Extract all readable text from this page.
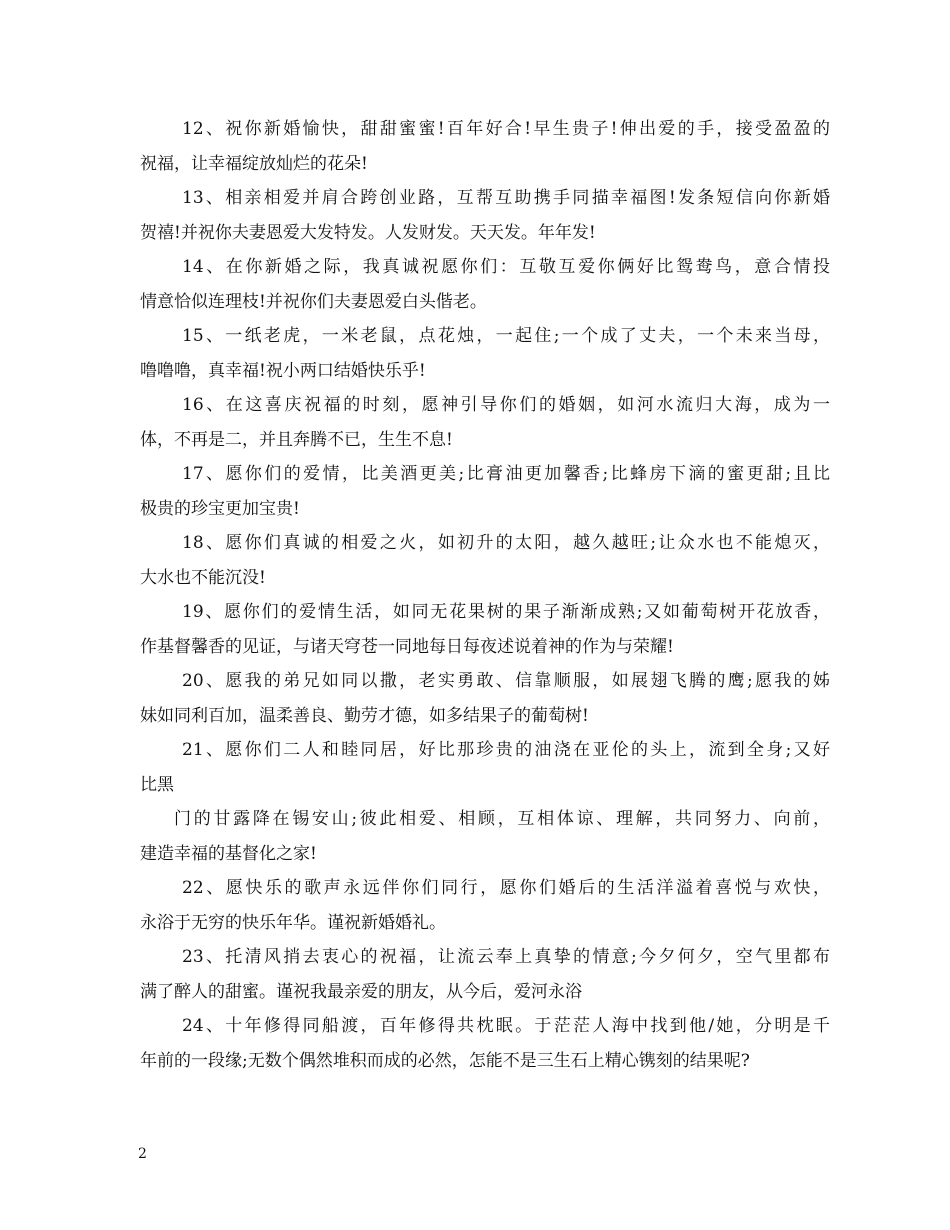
12、祝你新婚愉快，甜甜蜜蜜!百年好合!早生贵子!伸出爱的手，接受盈盈的
祝福，让幸福绽放灿烂的花朵!
13、相亲相爱并肩合跨创业路，互帮互助携手同描幸福图!发条短信向你新婚
贺禧!并祝你夫妻恩爱大发特发。人发财发。天天发。年年发!
14、在你新婚之际，我真诚祝愿你们：互敬互爱你俩好比鸳鸯鸟，意合情投
情意恰似连理枝!并祝你们夫妻恩爱白头偕老。
15、一纸老虎，一米老鼠，点花烛，一起住;一个成了丈夫，一个未来当母，
噜噜噜，真幸福!祝小两口结婚快乐乎!
16、在这喜庆祝福的时刻，愿神引导你们的婚姻，如河水流归大海，成为一
体，不再是二，并且奔腾不已，生生不息!
17、愿你们的爱情，比美酒更美;比膏油更加馨香;比蜂房下滴的蜜更甜;且比
极贵的珍宝更加宝贵!
18、愿你们真诚的相爱之火，如初升的太阳，越久越旺;让众水也不能熄灭，
大水也不能沉没!
19、愿你们的爱情生活，如同无花果树的果子渐渐成熟;又如葡萄树开花放香，
作基督馨香的见证，与诸天穹苍一同地每日每夜述说着神的作为与荣耀!
20、愿我的弟兄如同以撒，老实勇敢、信靠顺服，如展翅飞腾的鹰;愿我的姊
妹如同利百加，温柔善良、勤劳才德，如多结果子的葡萄树!
21、愿你们二人和睦同居，好比那珍贵的油浇在亚伦的头上，流到全身;又好
比黑
门的甘露降在锡安山;彼此相爱、相顾，互相体谅、理解，共同努力、向前，
建造幸福的基督化之家!
22、愿快乐的歌声永远伴你们同行，愿你们婚后的生活洋溢着喜悦与欢快，
永浴于无穷的快乐年华。谨祝新婚婚礼。
23、托清风捎去衷心的祝福，让流云奉上真挚的情意;今夕何夕，空气里都布
满了醉人的甜蜜。谨祝我最亲爱的朋友，从今后，爱河永浴
24、十年修得同船渡，百年修得共枕眠。于茫茫人海中找到他/她，分明是千
年前的一段缘;无数个偶然堆积而成的必然，怎能不是三生石上精心镌刻的结果呢?
2
